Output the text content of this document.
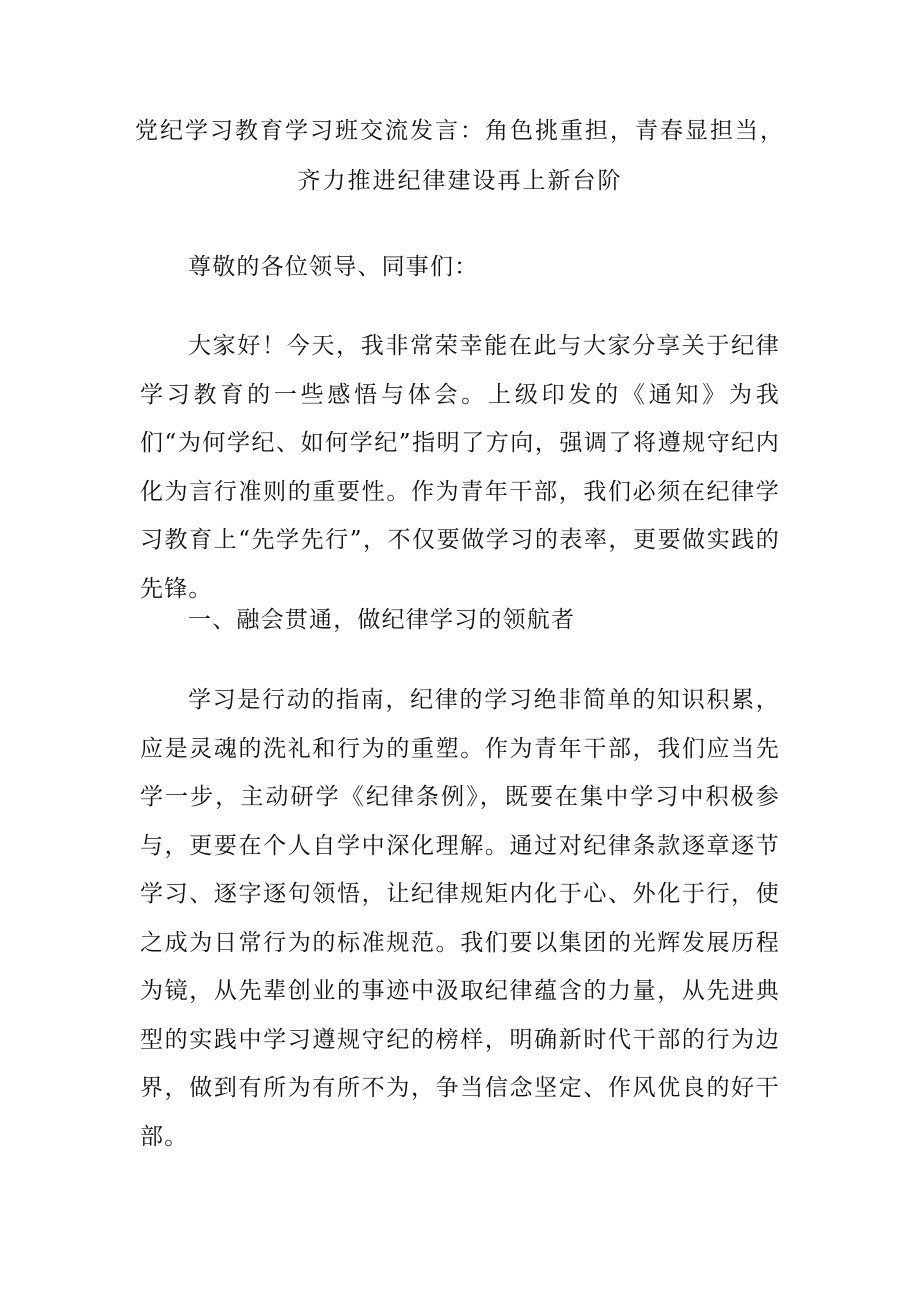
党纪学习教育学习班交流发言：角色挑重担，青春显担当，
齐力推进纪律建设再上新台阶

尊敬的各位领导、同事们：

大家好！今天，我非常荣幸能在此与大家分享关于纪律学习教育的一些感悟与体会。上级印发的《通知》为我们“为何学纪、如何学纪”指明了方向，强调了将遵规守纪内化为言行准则的重要性。作为青年干部，我们必须在纪律学习教育上“先学先行”，不仅要做学习的表率，更要做实践的先锋。

一、融会贯通，做纪律学习的领航者

学习是行动的指南，纪律的学习绝非简单的知识积累，应是灵魂的洗礼和行为的重塑。作为青年干部，我们应当先学一步，主动研学《纪律条例》，既要在集中学习中积极参与，更要在个人自学中深化理解。通过对纪律条款逐章逐节学习、逐字逐句领悟，让纪律规矩内化于心、外化于行，使之成为日常行为的标准规范。我们要以集团的光辉发展历程为镜，从先辈创业的事迹中汲取纪律蕴含的力量，从先进典型的实践中学习遵规守纪的榜样，明确新时代干部的行为边界，做到有所为有所不为，争当信念坚定、作风优良的好干部。
